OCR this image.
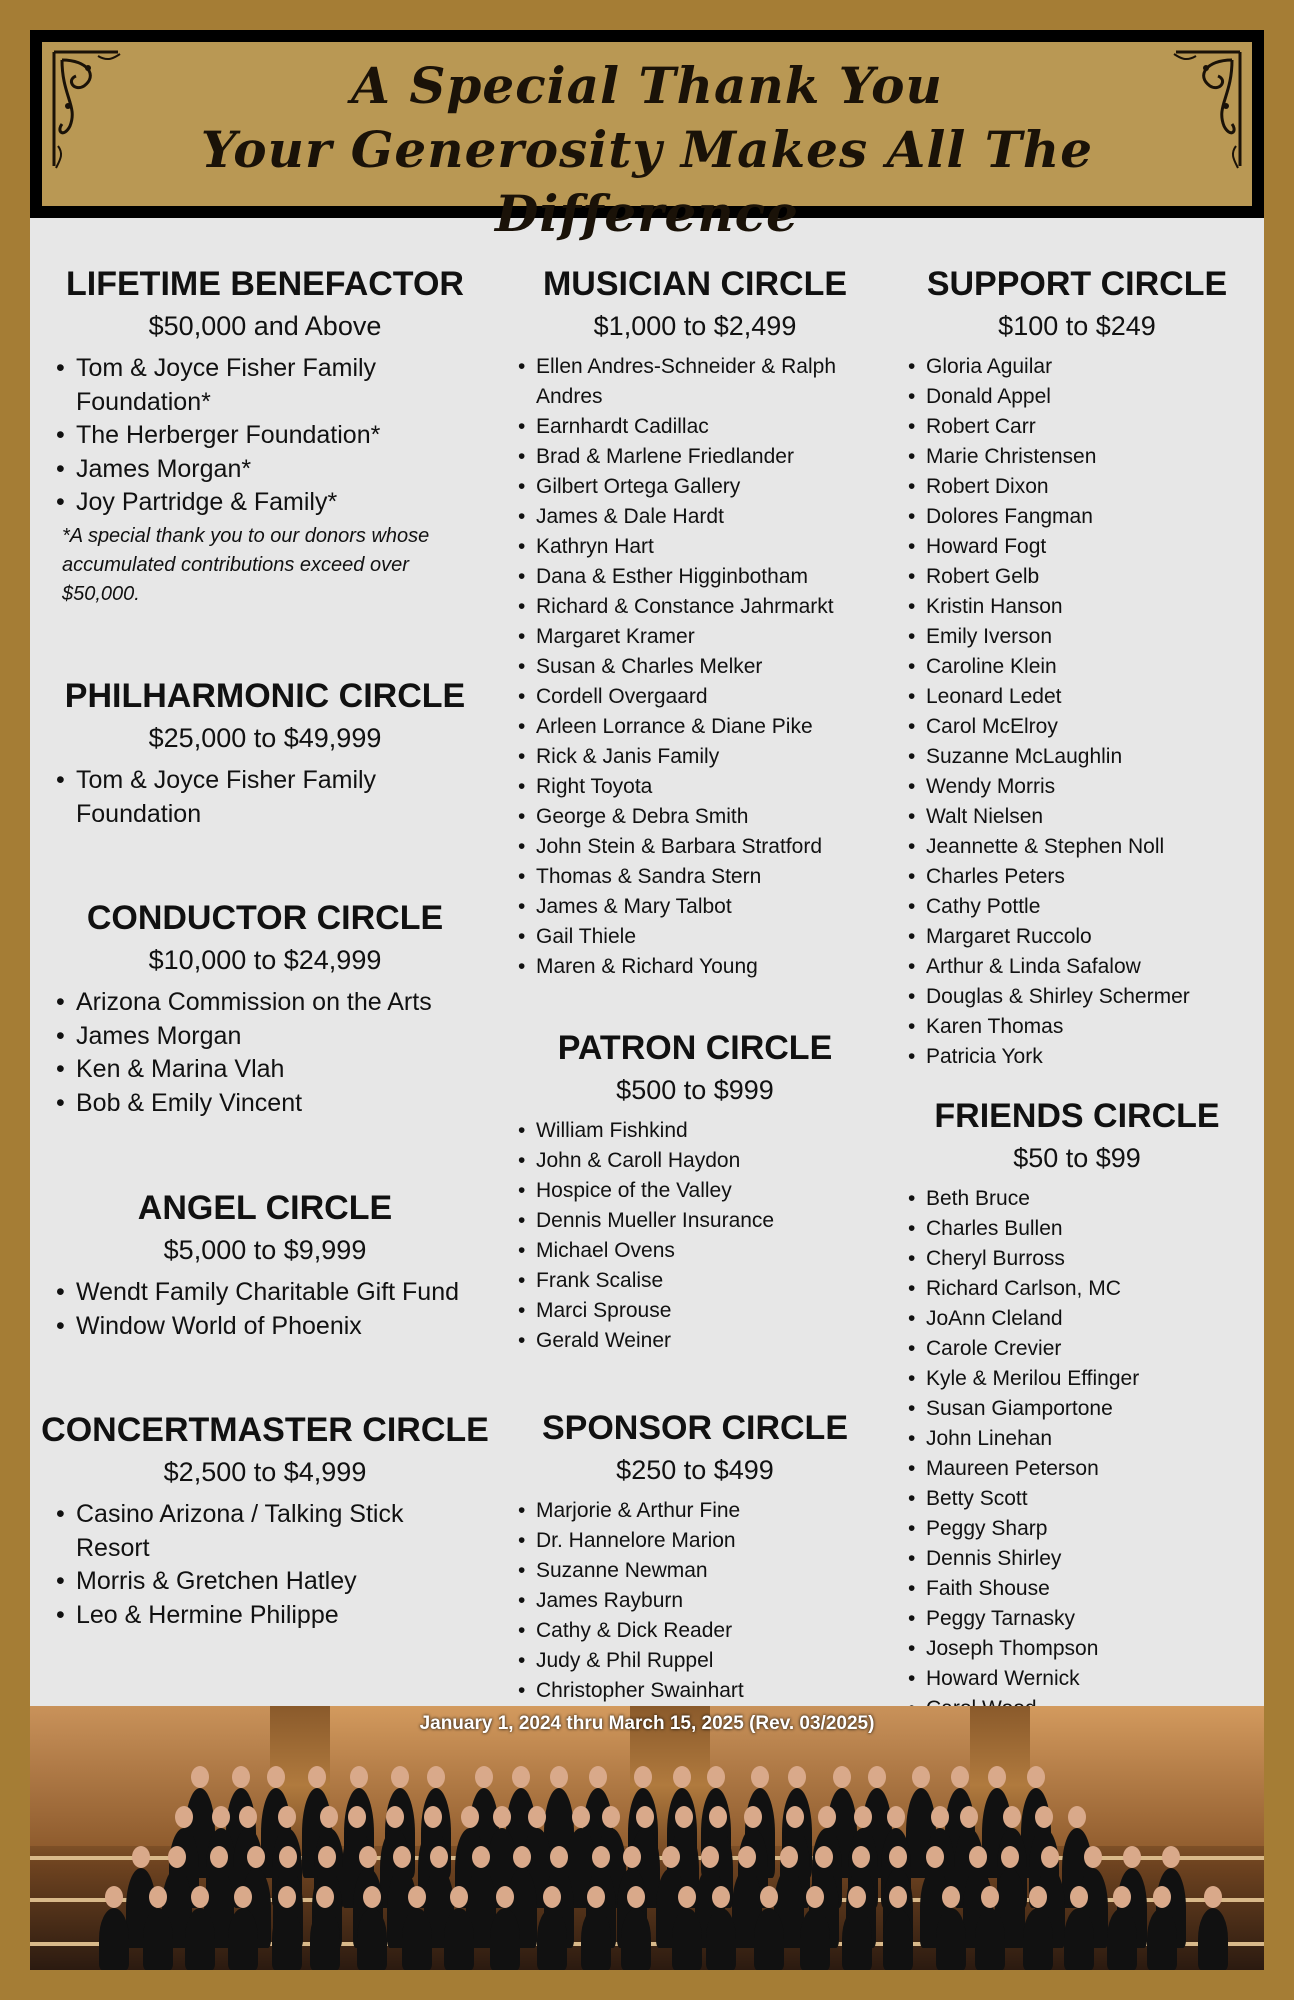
A Special Thank You
Your Generosity Makes All The Difference
LIFETIME BENEFACTOR
$50,000 and Above
• Tom & Joyce Fisher Family Foundation*
• The Herberger Foundation*
• James Morgan*
• Joy Partridge & Family*
*A special thank you to our donors whose accumulated contributions exceed over $50,000.
PHILHARMONIC CIRCLE
$25,000 to $49,999
• Tom & Joyce Fisher Family Foundation
CONDUCTOR CIRCLE
$10,000 to $24,999
• Arizona Commission on the Arts
• James Morgan
• Ken & Marina Vlah
• Bob & Emily Vincent
ANGEL CIRCLE
$5,000 to $9,999
• Wendt Family Charitable Gift Fund
• Window World of Phoenix
CONCERTMASTER CIRCLE
$2,500 to $4,999
• Casino Arizona / Talking Stick Resort
• Morris & Gretchen Hatley
• Leo & Hermine Philippe
MUSICIAN CIRCLE
$1,000 to $2,499
• Ellen Andres-Schneider & Ralph Andres
• Earnhardt Cadillac
• Brad & Marlene Friedlander
• Gilbert Ortega Gallery
• James & Dale Hardt
• Kathryn Hart
• Dana & Esther Higginbotham
• Richard & Constance Jahrmarkt
• Margaret Kramer
• Susan & Charles Melker
• Cordell Overgaard
• Arleen Lorrance & Diane Pike
• Rick & Janis Family
• Right Toyota
• George & Debra Smith
• John Stein & Barbara Stratford
• Thomas & Sandra Stern
• James & Mary Talbot
• Gail Thiele
• Maren & Richard Young
PATRON CIRCLE
$500 to $999
• William Fishkind
• John & Caroll Haydon
• Hospice of the Valley
• Dennis Mueller Insurance
• Michael Ovens
• Frank Scalise
• Marci Sprouse
• Gerald Weiner
SPONSOR CIRCLE
$250 to $499
• Marjorie & Arthur Fine
• Dr. Hannelore Marion
• Suzanne Newman
• James Rayburn
• Cathy & Dick Reader
• Judy & Phil Ruppel
• Christopher Swainhart
SUPPORT CIRCLE
$100 to $249
• Gloria Aguilar
• Donald Appel
• Robert Carr
• Marie Christensen
• Robert Dixon
• Dolores Fangman
• Howard Fogt
• Robert Gelb
• Kristin Hanson
• Emily Iverson
• Caroline Klein
• Leonard Ledet
• Carol McElroy
• Suzanne McLaughlin
• Wendy Morris
• Walt Nielsen
• Jeannette & Stephen Noll
• Charles Peters
• Cathy Pottle
• Margaret Ruccolo
• Arthur & Linda Safalow
• Douglas & Shirley Schermer
• Karen Thomas
• Patricia York
FRIENDS CIRCLE
$50 to $99
• Beth Bruce
• Charles Bullen
• Cheryl Burross
• Richard Carlson, MC
• JoAnn Cleland
• Carole Crevier
• Kyle & Merilou Effinger
• Susan Giamportone
• John Linehan
• Maureen Peterson
• Betty Scott
• Peggy Sharp
• Dennis Shirley
• Faith Shouse
• Peggy Tarnasky
• Joseph Thompson
• Howard Wernick
•
January 1, 2024 thru March 15, 2025 (Rev. 03/2025)
